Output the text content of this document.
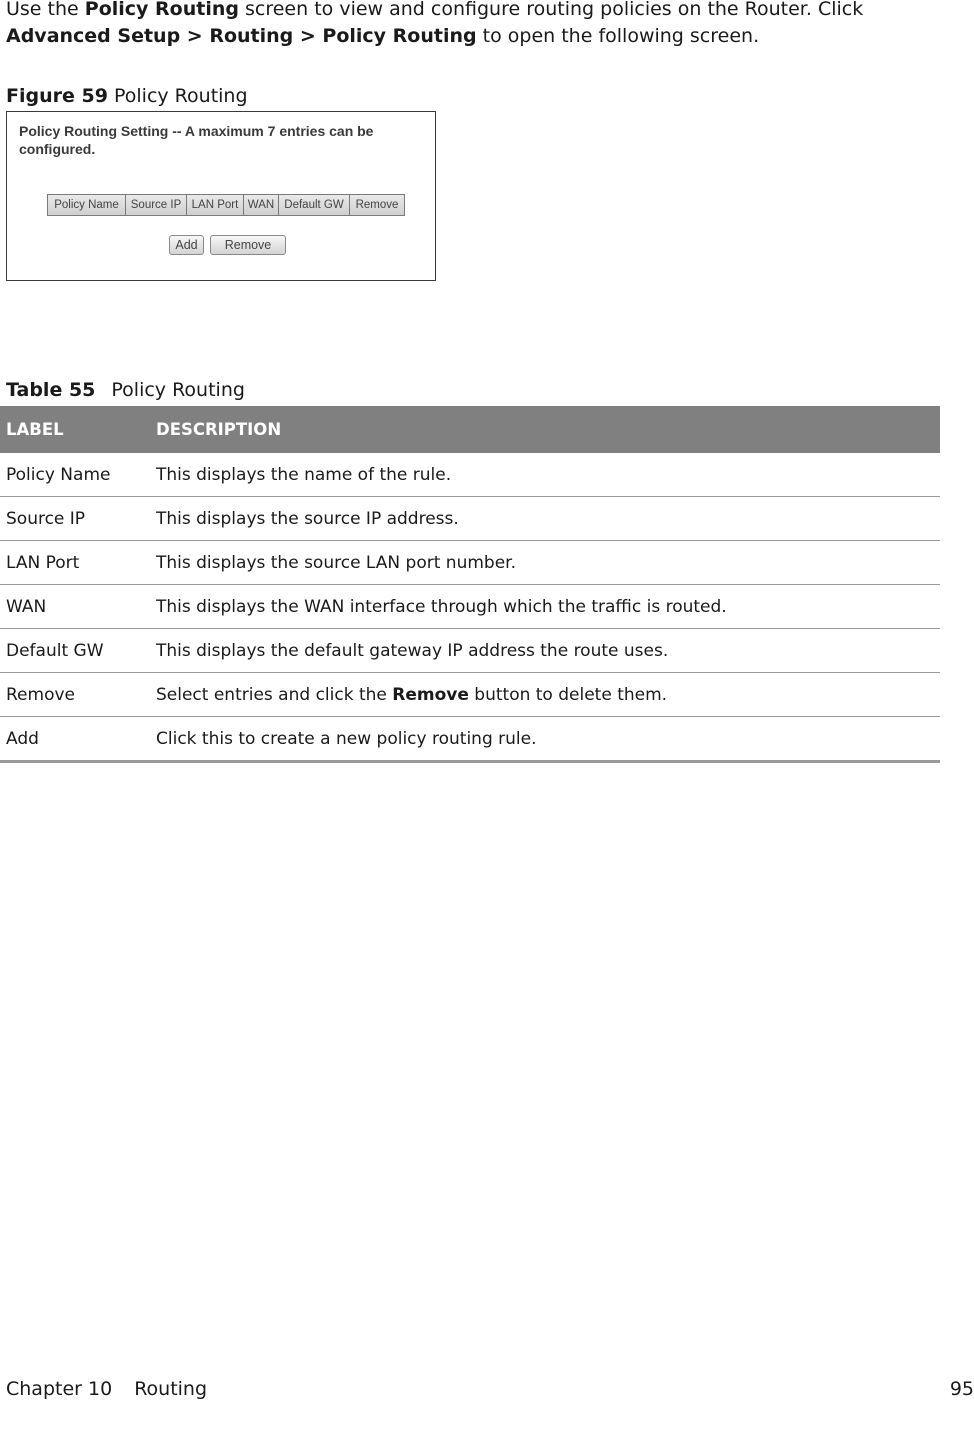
Use the Policy Routing screen to view and configure routing policies on the Router. Click Advanced Setup > Routing > Policy Routing to open the following screen.

Figure 59 Policy Routing
Policy Routing Setting -- A maximum 7 entries can be configured.
Policy Name	Source IP LAN Port WAN Default GW	Remove
Add	Remove
Table 55 Policy Routing
LABEL	DESCRIPTION
Policy Name	This displays the name of the rule.
Source IP	This displays the source IP address.
LAN Port	This displays the source LAN port number.
WAN	This displays the WAN interface through which the traffic is routed.
Default GW	This displays the default gateway IP address the route uses.
Remove	Select entries and click the Remove button to delete them.
Add	Click this to create a new policy routing rule.
Chapter 10 Routing	95
